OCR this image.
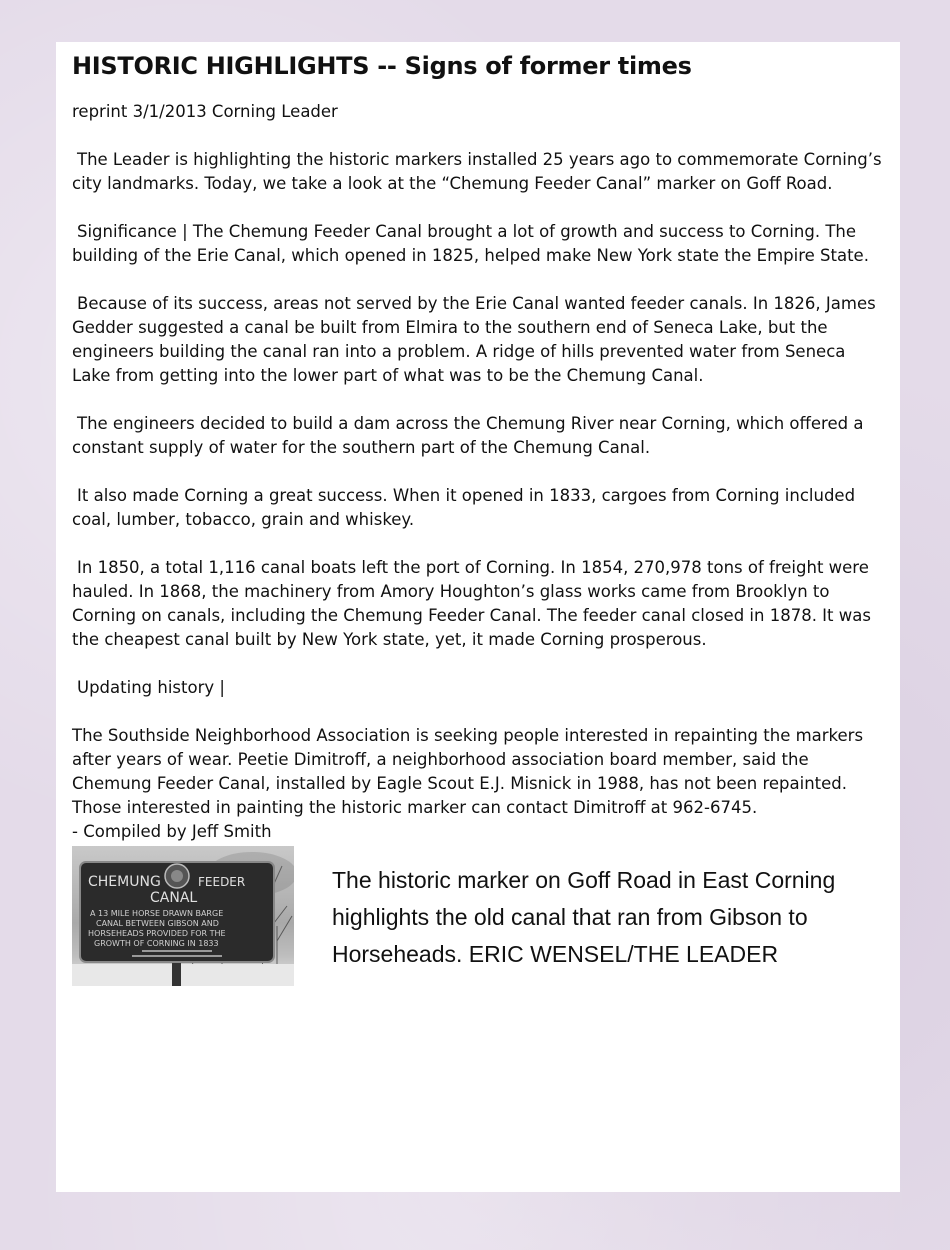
HISTORIC HIGHLIGHTS -- Signs of former times
reprint 3/1/2013 Corning Leader

The Leader is highlighting the historic markers installed 25 years ago to commemorate Corning’s city landmarks. Today, we take a look at the “Chemung Feeder Canal” marker on Goff Road.

Significance | The Chemung Feeder Canal brought a lot of growth and success to Corning. The building of the Erie Canal, which opened in 1825, helped make New York state the Empire State.

Because of its success, areas not served by the Erie Canal wanted feeder canals. In 1826, James Gedder suggested a canal be built from Elmira to the southern end of Seneca Lake, but the engineers building the canal ran into a problem. A ridge of hills prevented water from Seneca Lake from getting into the lower part of what was to be the Chemung Canal.

The engineers decided to build a dam across the Chemung River near Corning, which offered a constant supply of water for the southern part of the Chemung Canal.

It also made Corning a great success. When it opened in 1833, cargoes from Corning included coal, lumber, tobacco, grain and whiskey.

In 1850, a total 1,116 canal boats left the port of Corning. In 1854, 270,978 tons of freight were hauled. In 1868, the machinery from Amory Houghton’s glass works came from Brooklyn to Corning on canals, including the Chemung Feeder Canal. The feeder canal closed in 1878. It was the cheapest canal built by New York state, yet, it made Corning prosperous.

Updating history |

The Southside Neighborhood Association is seeking people interested in repainting the markers after years of wear. Peetie Dimitroff, a neighborhood association board member, said the Chemung Feeder Canal, installed by Eagle Scout E.J. Misnick in 1988, has not been repainted. Those interested in painting the historic marker can contact Dimitroff at 962-6745.

- Compiled by Jeff Smith

CHEMUNG	FEEDER
CANAL
A 13 MILE HORSE DRAWN BARGE
CANAL BETWEEN GIBSON AND
HORSEHEADS PROVIDED FOR THE
GROWTH OF CORNING IN 1833
The historic marker on Goff Road in East Corning highlights the old canal that ran from Gibson to Horseheads. ERIC WENSEL/THE LEADER
